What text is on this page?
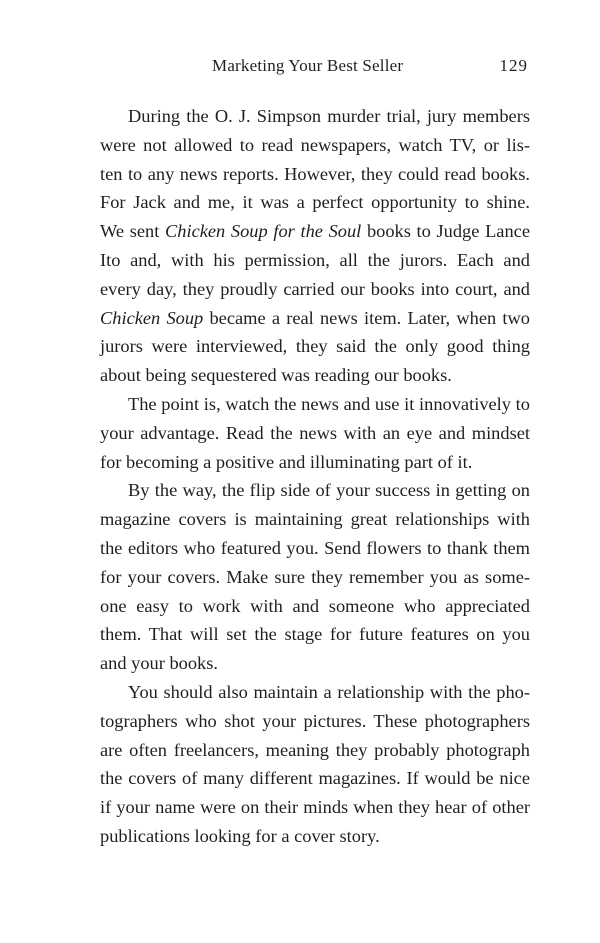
Marketing Your Best Seller	129
During the O. J. Simpson murder trial, jury members
were not allowed to read newspapers, watch TV, or lis-
ten to any news reports. However, they could read books.
For Jack and me, it was a perfect opportunity to shine.
We sent Chicken Soup for the Soul books to Judge Lance
Ito and, with his permission, all the jurors. Each and
every day, they proudly carried our books into court, and
Chicken Soup became a real news item. Later, when two
jurors were interviewed, they said the only good thing
about being sequestered was reading our books.
The point is, watch the news and use it innovatively to
your advantage. Read the news with an eye and mindset
for becoming a positive and illuminating part of it.
By the way, the flip side of your success in getting on
magazine covers is maintaining great relationships with
the editors who featured you. Send flowers to thank them
for your covers. Make sure they remember you as some-
one easy to work with and someone who appreciated
them. That will set the stage for future features on you
and your books.
You should also maintain a relationship with the pho-
tographers who shot your pictures. These photographers
are often freelancers, meaning they probably photograph
the covers of many different magazines. If would be nice
if your name were on their minds when they hear of other
publications looking for a cover story.
